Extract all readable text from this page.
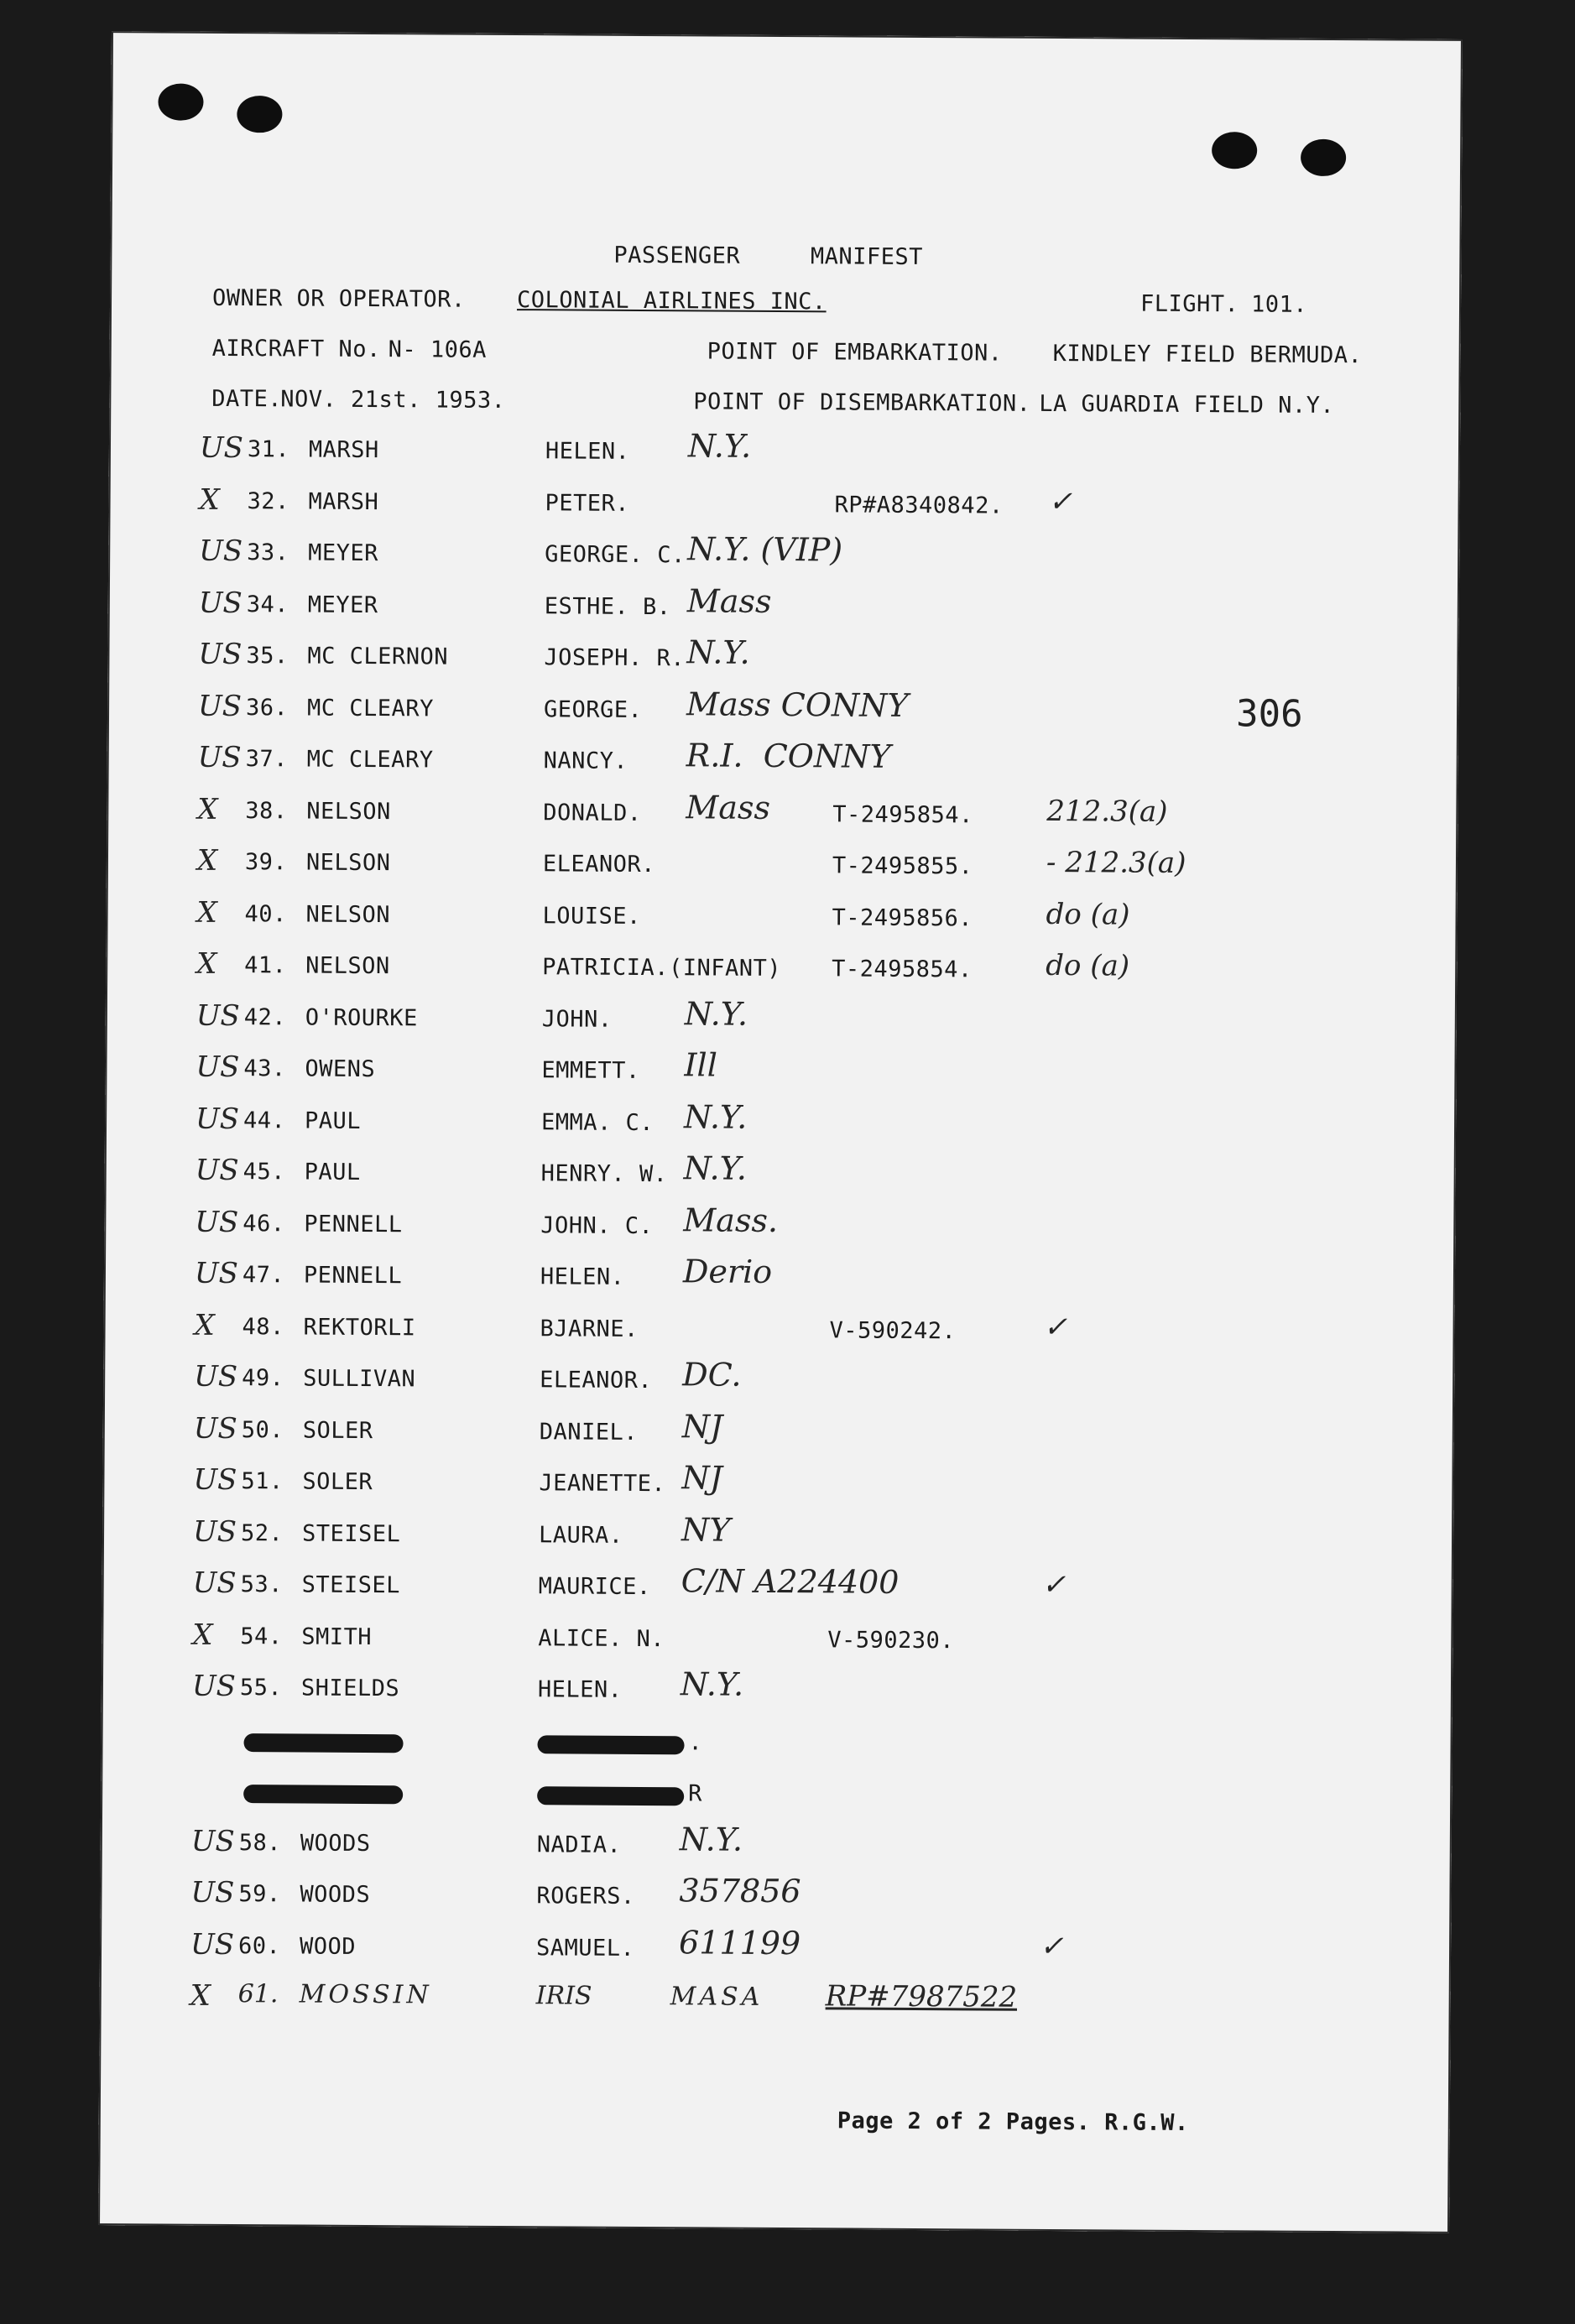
PASSENGER     MANIFEST
OWNER OR OPERATOR. COLONIAL AIRLINES INC.	FLIGHT. 101.
AIRCRAFT No. N- 106A	POINT OF EMBARKATION. KINDLEY FIELD BERMUDA.
DATE.
NOV. 21st. 1953.	POINT OF DISEMBARKATION. LA GUARDIA FIELD N.Y.
306
US 31. MARSH	HELEN. N.Y.
X 32. MARSH	PETER.	RP#A8340842. ✓
US 33. MEYER	GEORGE. C. N.Y. (VIP)
US 34. MEYER	ESTHE. B. Mass
US 35. MC CLERNON	JOSEPH. R. N.Y.
US 36. MC CLEARY	GEORGE. Mass CONNY
US 37. MC CLEARY	NANCY. R.I.  CONNY
X 38. NELSON	DONALD. Mass	T-2495854.	212.3(a)
X 39. NELSON	ELEANOR.	T-2495855.	- 212.3(a)
X 40. NELSON	LOUISE.	T-2495856.	do (a)
X 41. NELSON	PATRICIA.(INFANT) T-2495854.	do (a)
US 42. O'ROURKE	JOHN. N.Y.
US 43. OWENS	EMMETT. Ill
US 44. PAUL	EMMA. C. N.Y.
US 45. PAUL	HENRY. W. N.Y.
US 46. PENNELL	JOHN. C. Mass.
US 47. PENNELL	HELEN. Derio
X 48. REKTORLI	BJARNE.	V-590242.	✓
US 49. SULLIVAN	ELEANOR. DC.
US 50. SOLER	DANIEL. NJ
US 51. SOLER	JEANETTE. NJ
US 52. STEISEL	LAURA. NY
US 53. STEISEL	MAURICE. C/N A224400	✓
X 54. SMITH	ALICE. N.	V-590230.
US 55. SHIELDS	HELEN. N.Y.
.
R
US 58. WOODS	NADIA. N.Y.
US 59. WOODS	ROGERS. 357856
US 60. WOOD	SAMUEL. 611199	✓
X 61. MOSSIN	IRIS	MASA RP#7987522
Page 2 of 2 Pages. R.G.W.
